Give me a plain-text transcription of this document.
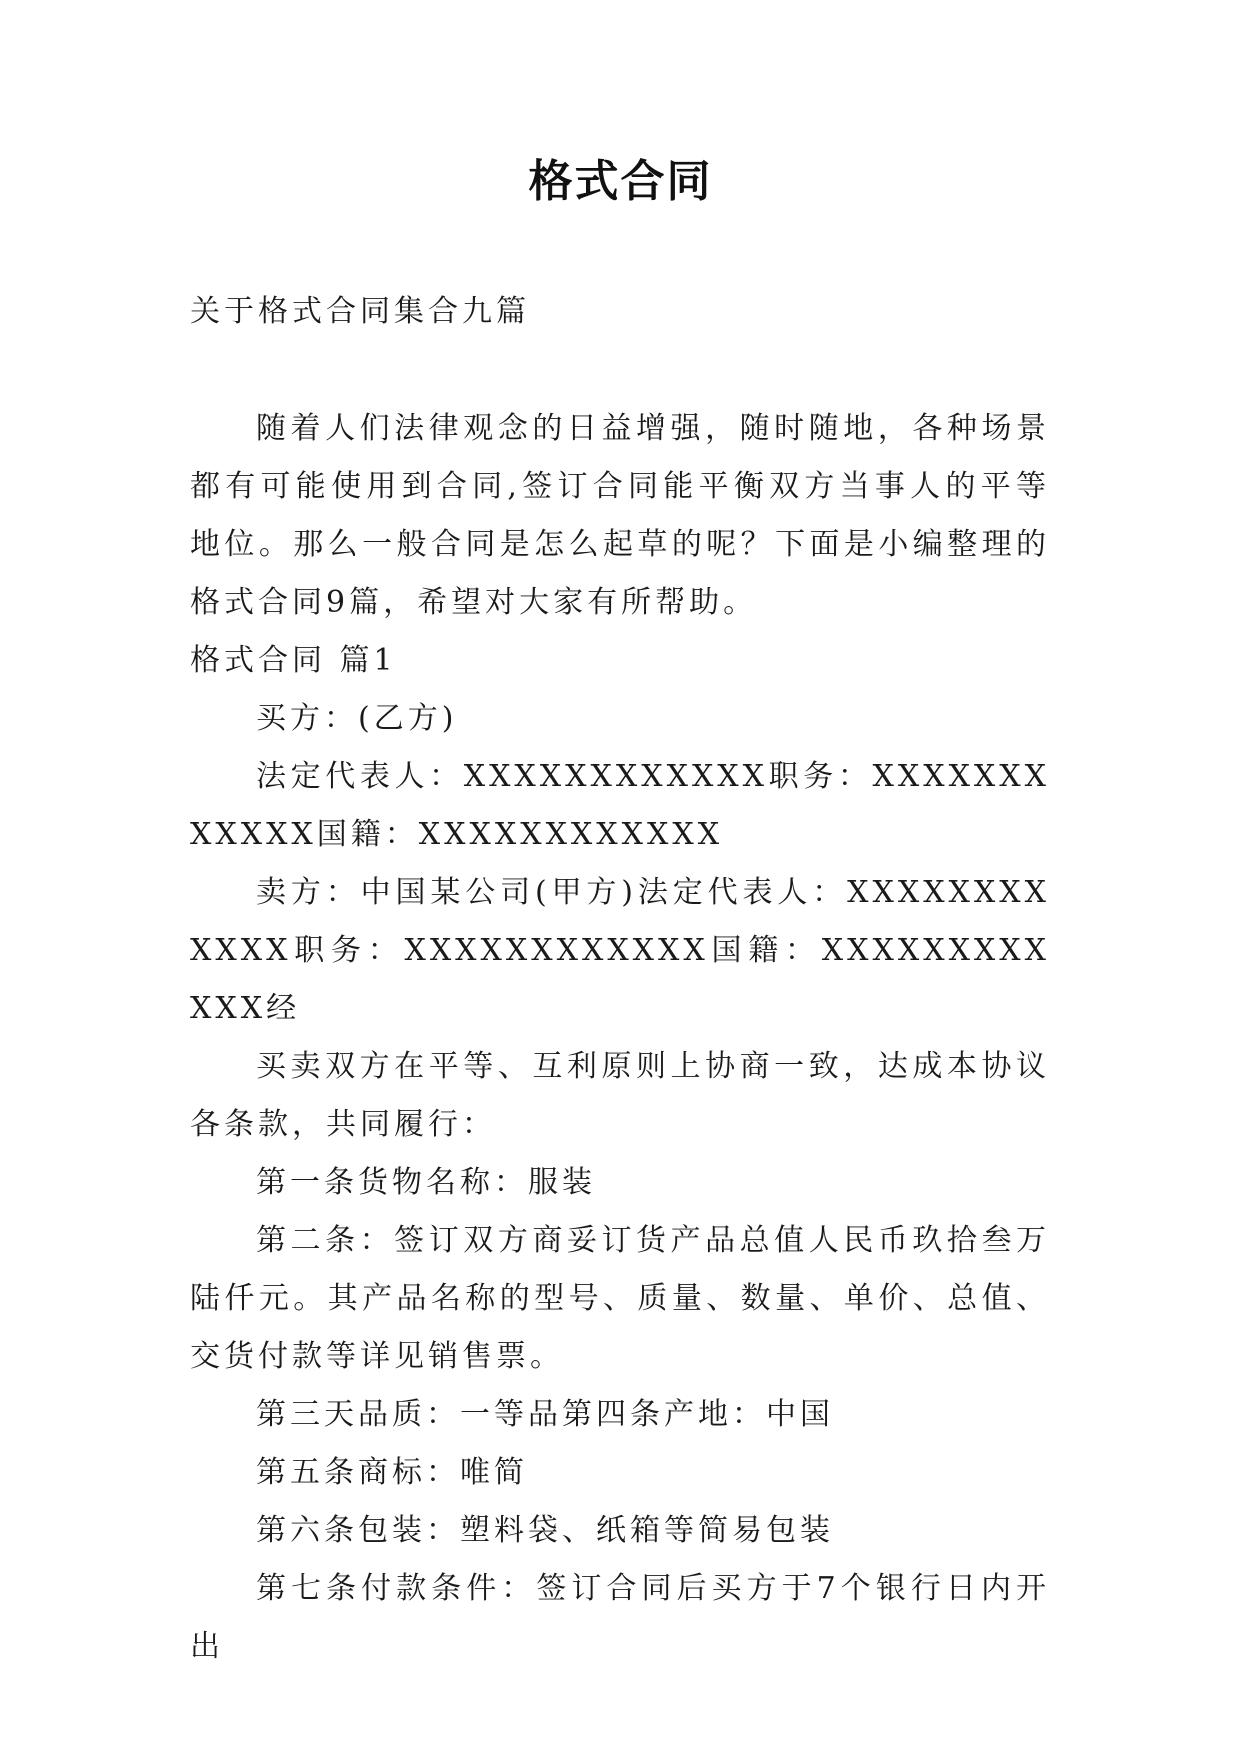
格式合同
关于格式合同集合九篇

随着人们法律观念的日益增强，随时随地，各种场景都有可能使用到合同,签订合同能平衡双方当事人的平等地位。那么一般合同是怎么起草的呢？下面是小编整理的格式合同9篇，希望对大家有所帮助。

格式合同 篇1

买方：(乙方)

法定代表人：XXXXXXXXXXXX职务：XXXXXXXXXXXX国籍：XXXXXXXXXXXX

卖方：中国某公司(甲方)法定代表人：XXXXXXXXXXXX职务：XXXXXXXXXXXX国籍：XXXXXXXXXXXX经

买卖双方在平等、互利原则上协商一致，达成本协议各条款，共同履行：

第一条货物名称：服装

第二条：签订双方商妥订货产品总值人民币玖拾叁万陆仟元。其产品名称的型号、质量、数量、单价、总值、交货付款等详见销售票。

第三天品质：一等品第四条产地：中国

第五条商标：唯简

第六条包装：塑料袋、纸箱等简易包装

第七条付款条件：签订合同后买方于7个银行日内开出
